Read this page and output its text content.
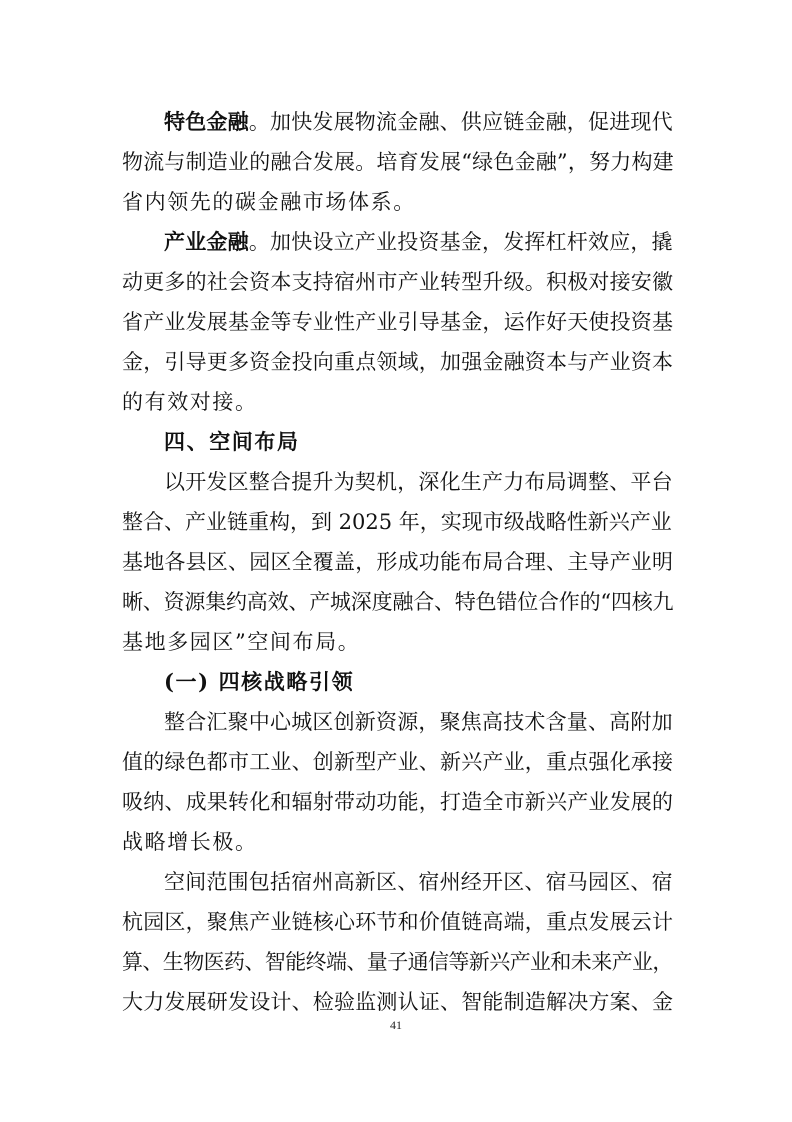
特色金融。加快发展物流金融、供应链金融，促进现代
物流与制造业的融合发展。培育发展“绿色金融”，努力构建
省内领先的碳金融市场体系。
产业金融。加快设立产业投资基金，发挥杠杆效应，撬
动更多的社会资本支持宿州市产业转型升级。积极对接安徽
省产业发展基金等专业性产业引导基金，运作好天使投资基
金，引导更多资金投向重点领域，加强金融资本与产业资本
的有效对接。
四、空间布局
以开发区整合提升为契机，深化生产力布局调整、平台
整合、产业链重构，到 2025 年，实现市级战略性新兴产业
基地各县区、园区全覆盖，形成功能布局合理、主导产业明
晰、资源集约高效、产城深度融合、特色错位合作的“四核九
基地多园区”空间布局。
(一) 四核战略引领
整合汇聚中心城区创新资源，聚焦高技术含量、高附加
值的绿色都市工业、创新型产业、新兴产业，重点强化承接
吸纳、成果转化和辐射带动功能，打造全市新兴产业发展的
战略增长极。
空间范围包括宿州高新区、宿州经开区、宿马园区、宿
杭园区，聚焦产业链核心环节和价值链高端，重点发展云计
算、生物医药、智能终端、量子通信等新兴产业和未来产业，
大力发展研发设计、检验监测认证、智能制造解决方案、金
41
